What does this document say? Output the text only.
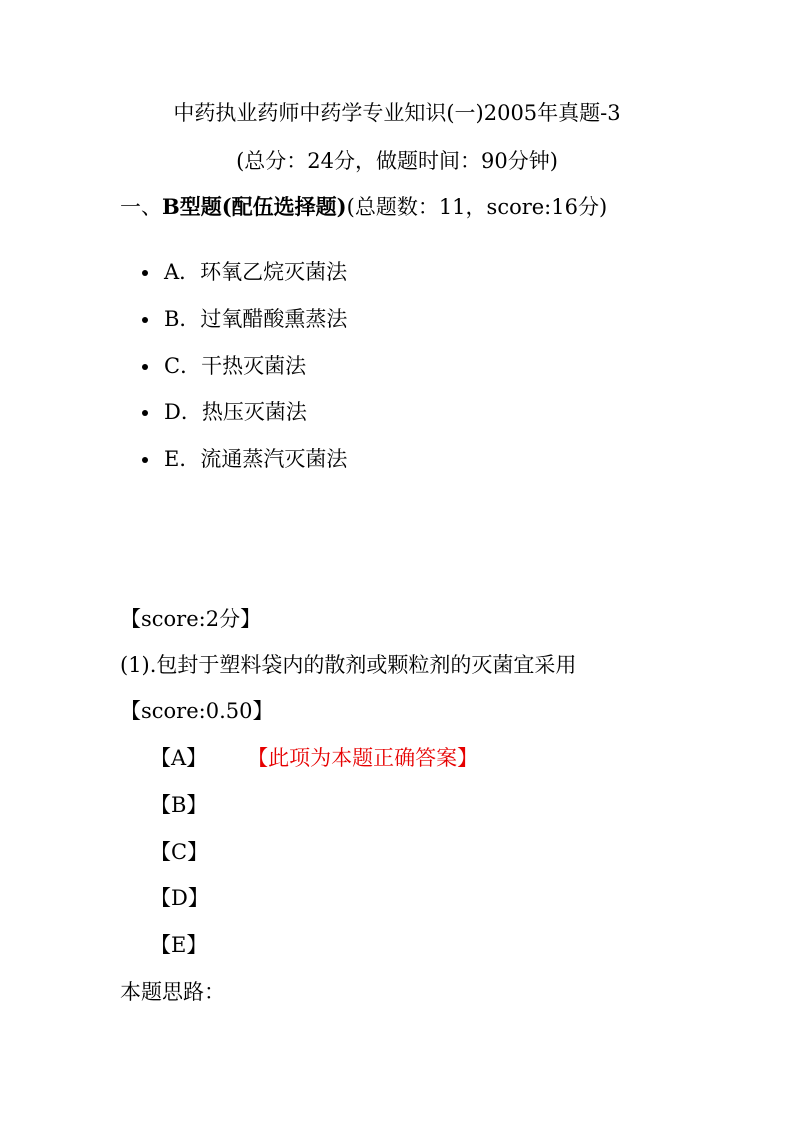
中药执业药师中药学专业知识(一)2005年真题-3
(总分：24分，做题时间：90分钟)
一、B型题(配伍选择题)(总题数：11，score:16分)
A．环氧乙烷灭菌法
B．过氧醋酸熏蒸法
C．干热灭菌法
D．热压灭菌法
E．流通蒸汽灭菌法
【score:2分】
(1).包封于塑料袋内的散剂或颗粒剂的灭菌宜采用
【score:0.50】
【A】 【此项为本题正确答案】
【B】
【C】
【D】
【E】
本题思路：
